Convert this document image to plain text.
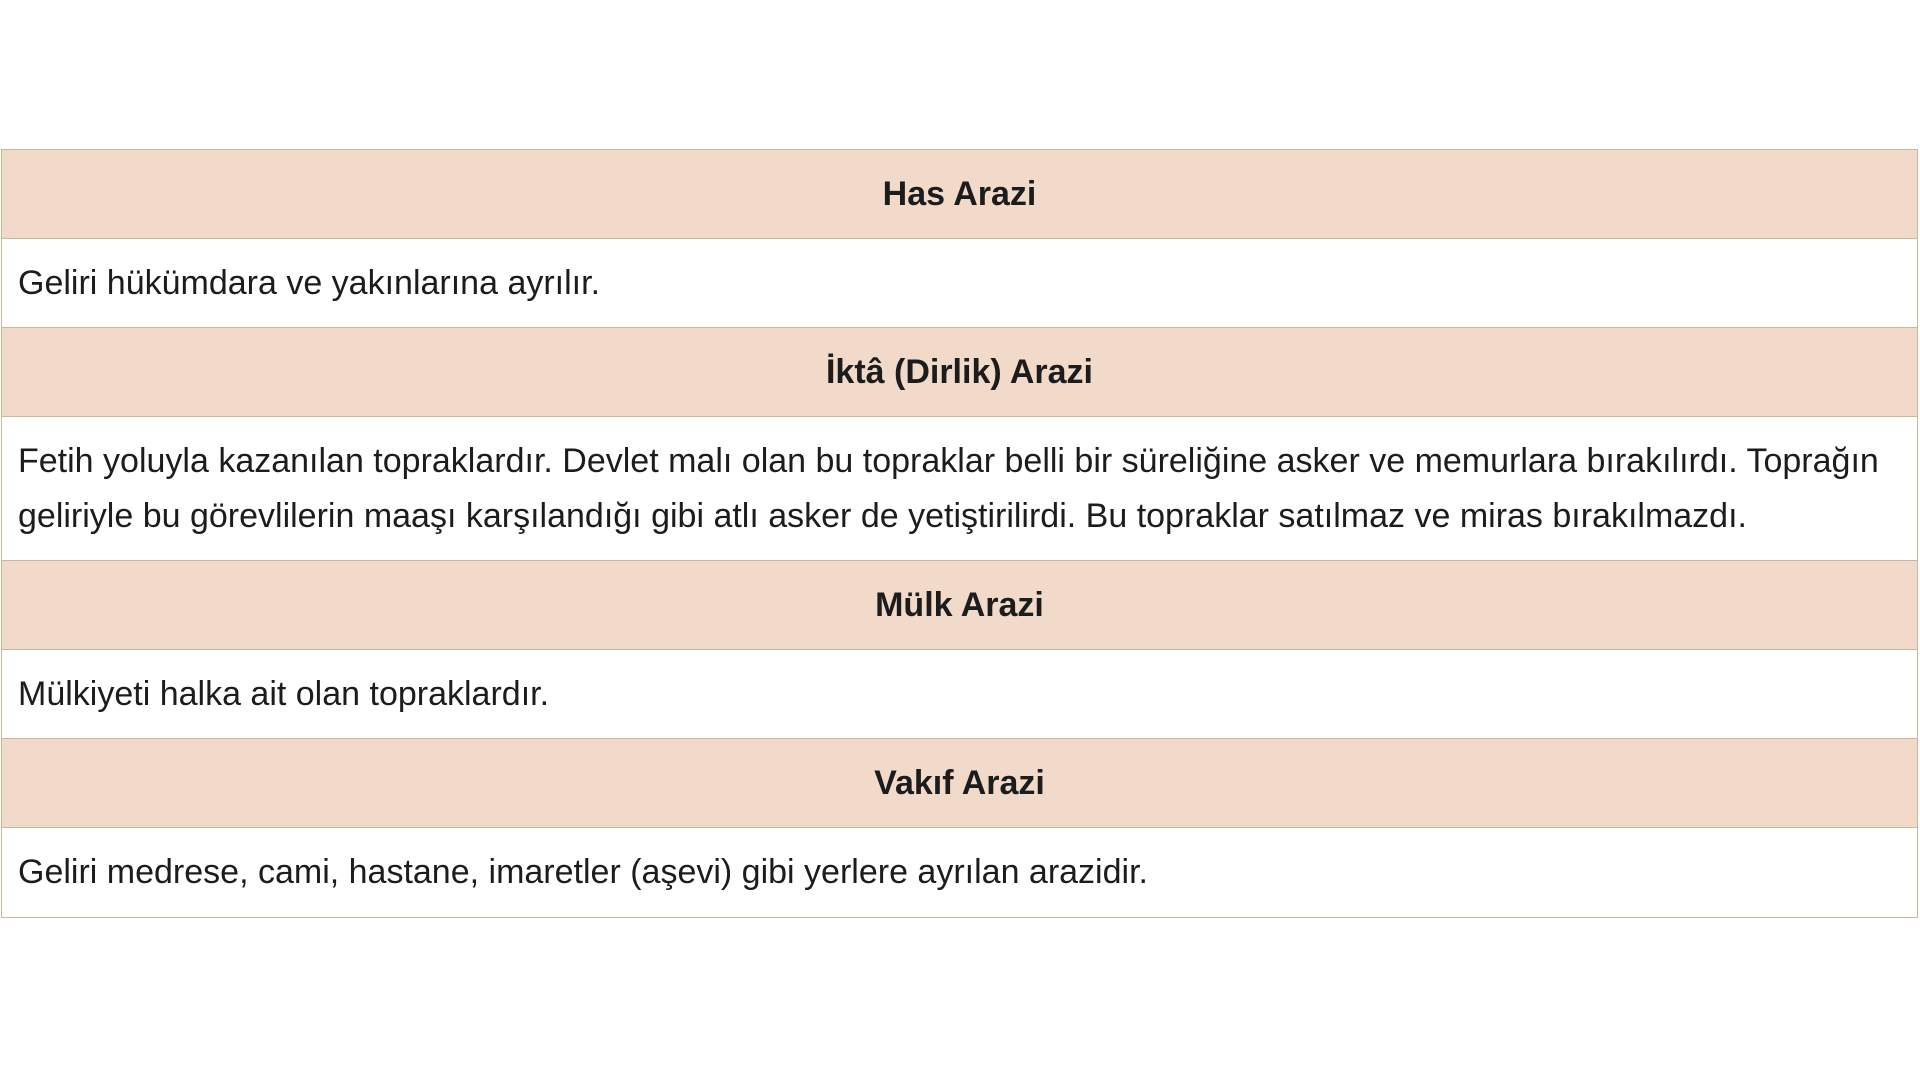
Has Arazi
Geliri hükümdara ve yakınlarına ayrılır.
İktâ (Dirlik) Arazi
Fetih yoluyla kazanılan topraklardır. Devlet malı olan bu topraklar belli bir süreliğine asker ve memurlara bırakılırdı. Toprağın geliriyle bu görevlilerin maaşı karşılandığı gibi atlı asker de yetiştirilirdi. Bu topraklar satılmaz ve miras bırakılmazdı.
Mülk Arazi
Mülkiyeti halka ait olan topraklardır.
Vakıf Arazi
Geliri medrese, cami, hastane, imaretler (aşevi) gibi yerlere ayrılan arazidir.
